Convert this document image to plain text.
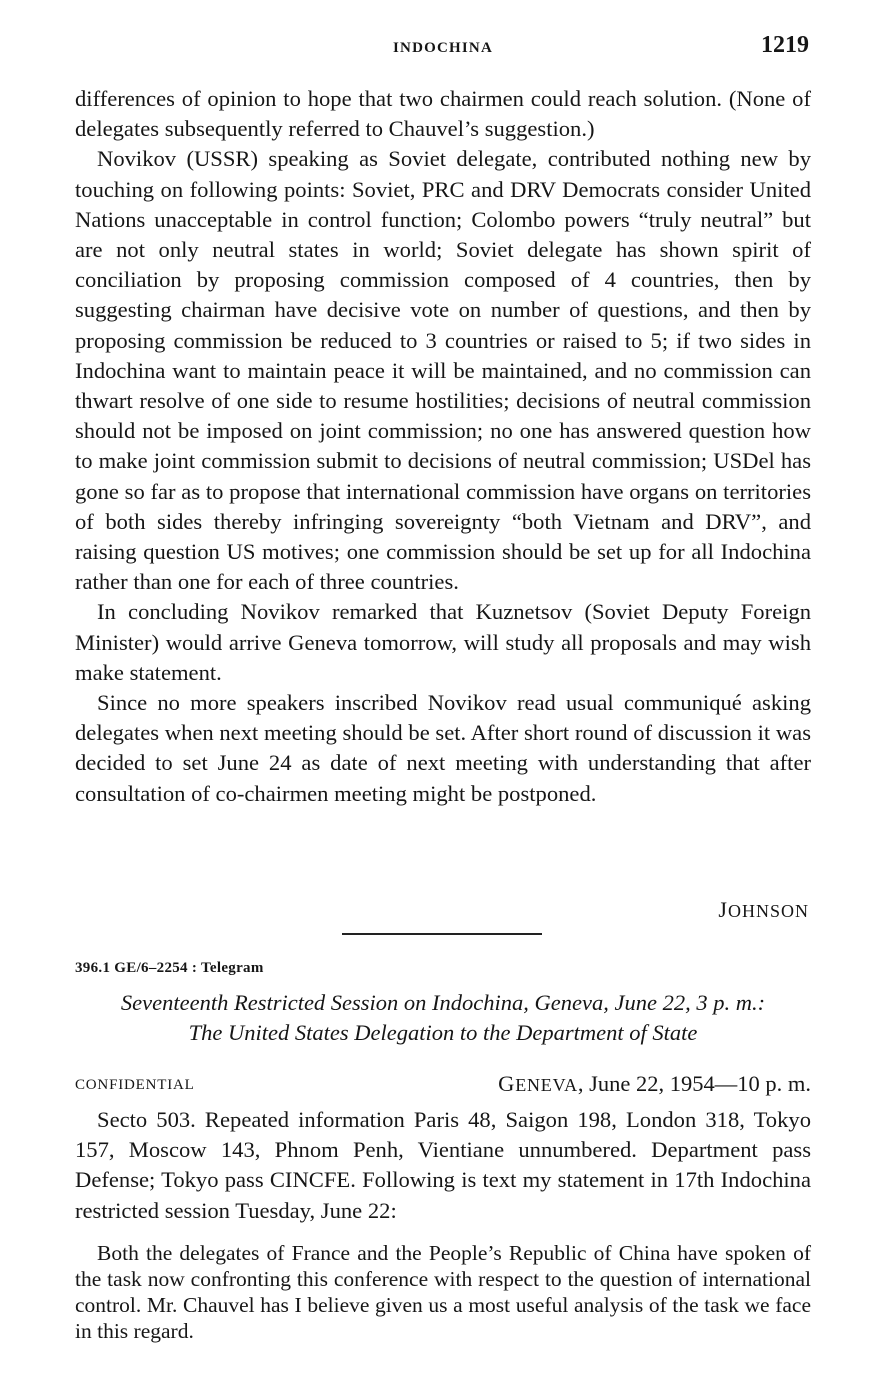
INDOCHINA	1219

differences of opinion to hope that two chairmen could reach solution. (None of delegates subsequently referred to Chauvel’s suggestion.)

Novikov (USSR) speaking as Soviet delegate, contributed nothing new by touching on following points: Soviet, PRC and DRV Democrats consider United Nations unacceptable in control function; Colombo powers “truly neutral” but are not only neutral states in world; Soviet delegate has shown spirit of conciliation by proposing commission composed of 4 countries, then by suggesting chairman have decisive vote on number of questions, and then by proposing commission be reduced to 3 countries or raised to 5; if two sides in Indochina want to maintain peace it will be maintained, and no commission can thwart resolve of one side to resume hostilities; decisions of neutral commission should not be imposed on joint commission; no one has answered question how to make joint commission submit to decisions of neutral commission; USDel has gone so far as to propose that international commission have organs on territories of both sides thereby infringing sovereignty “both Vietnam and DRV”, and raising question US motives; one commission should be set up for all Indochina rather than one for each of three countries.

In concluding Novikov remarked that Kuznetsov (Soviet Deputy Foreign Minister) would arrive Geneva tomorrow, will study all proposals and may wish make statement.

Since no more speakers inscribed Novikov read usual communiqué asking delegates when next meeting should be set. After short round of discussion it was decided to set June 24 as date of next meeting with understanding that after consultation of co-chairmen meeting might be postponed.

JOHNSON
396.1 GE/6–2254 : Telegram
Seventeenth Restricted Session on Indochina, Geneva, June 22, 3 p. m.:
The United States Delegation to the Department of State
CONFIDENTIAL	GENEVA, June 22, 1954—10 p. m.

Secto 503. Repeated information Paris 48, Saigon 198, London 318, Tokyo 157, Moscow 143, Phnom Penh, Vientiane unnumbered. Department pass Defense; Tokyo pass CINCFE. Following is text my statement in 17th Indochina restricted session Tuesday, June 22:

Both the delegates of France and the People’s Republic of China have spoken of the task now confronting this conference with respect to the question of international control. Mr. Chauvel has I believe given us a most useful analysis of the task we face in this regard.
